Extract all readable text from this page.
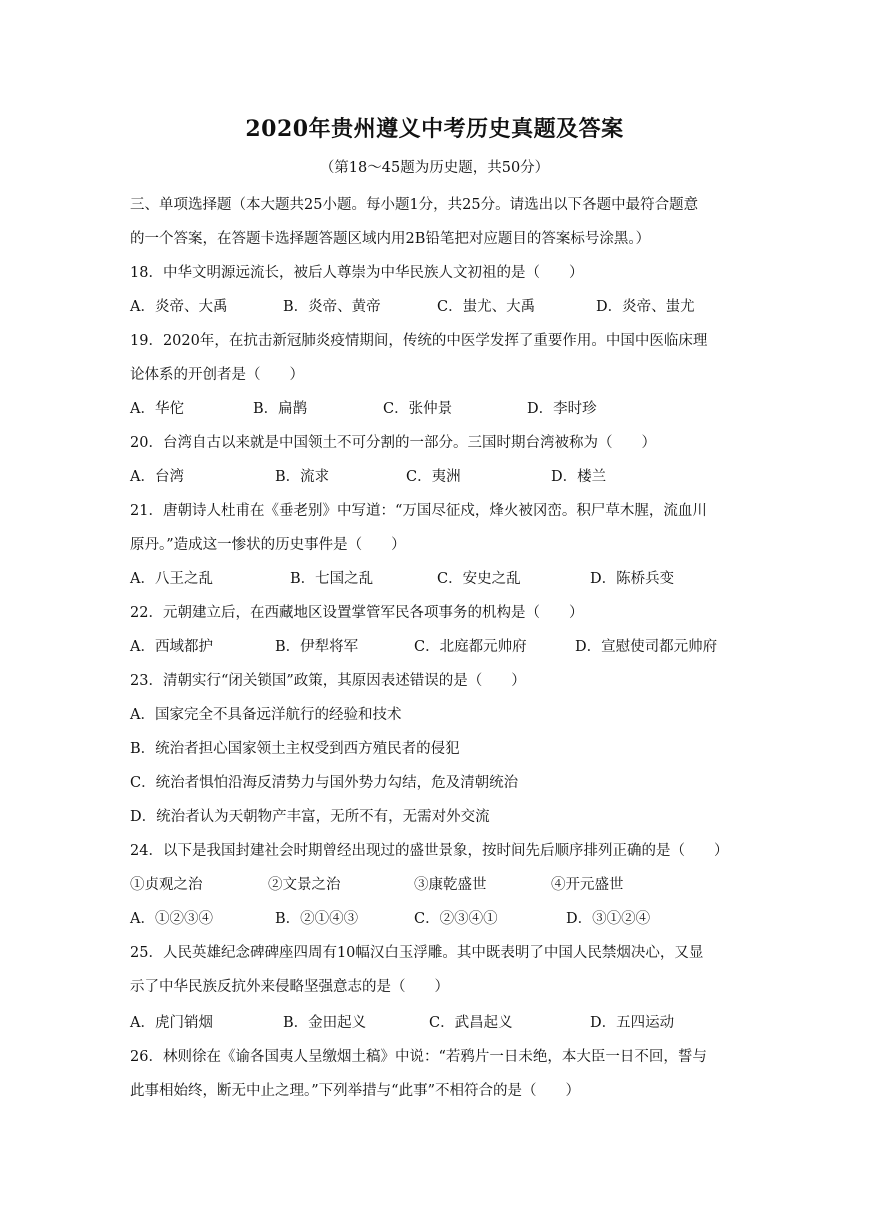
2020年贵州遵义中考历史真题及答案
（第18～45题为历史题，共50分）
三、单项选择题（本大题共25小题。每小题1分，共25分。请选出以下各题中最符合题意
的一个答案，在答题卡选择题答题区域内用2B铅笔把对应题目的答案标号涂黑。）
18．中华文明源远流长，被后人尊崇为中华民族人文初祖的是（　　）
A．炎帝、大禹	B．炎帝、黄帝	C．蚩尤、大禹	D．炎帝、蚩尤
19．2020年，在抗击新冠肺炎疫情期间，传统的中医学发挥了重要作用。中国中医临床理
论体系的开创者是（　　）
A．华佗	B．扁鹊	C．张仲景	D．李时珍
20．台湾自古以来就是中国领土不可分割的一部分。三国时期台湾被称为（　　）
A．台湾	B．流求	C．夷洲	D．楼兰
21．唐朝诗人杜甫在《垂老别》中写道：“万国尽征戍，烽火被冈峦。积尸草木腥，流血川
原丹。”造成这一惨状的历史事件是（　　）
A．八王之乱	B．七国之乱	C．安史之乱	D．陈桥兵变
22．元朝建立后，在西藏地区设置掌管军民各项事务的机构是（　　）
A．西域都护	B．伊犁将军	C．北庭都元帅府	D．宣慰使司都元帅府
23．清朝实行“闭关锁国”政策，其原因表述错误的是（　　）
A．国家完全不具备远洋航行的经验和技术
B．统治者担心国家领土主权受到西方殖民者的侵犯
C．统治者惧怕沿海反清势力与国外势力勾结，危及清朝统治
D．统治者认为天朝物产丰富，无所不有，无需对外交流
24．以下是我国封建社会时期曾经出现过的盛世景象，按时间先后顺序排列正确的是（　　）
①贞观之治	②文景之治	③康乾盛世	④开元盛世
A．①②③④	B．②①④③	C．②③④①	D．③①②④
25．人民英雄纪念碑碑座四周有10幅汉白玉浮雕。其中既表明了中国人民禁烟决心，又显
示了中华民族反抗外来侵略坚强意志的是（　　）
A．虎门销烟	B．金田起义	C．武昌起义	D．五四运动
26．林则徐在《谕各国夷人呈缴烟土稿》中说：“若鸦片一日未绝，本大臣一日不回，誓与
此事相始终，断无中止之理。”下列举措与“此事”不相符合的是（　　）
